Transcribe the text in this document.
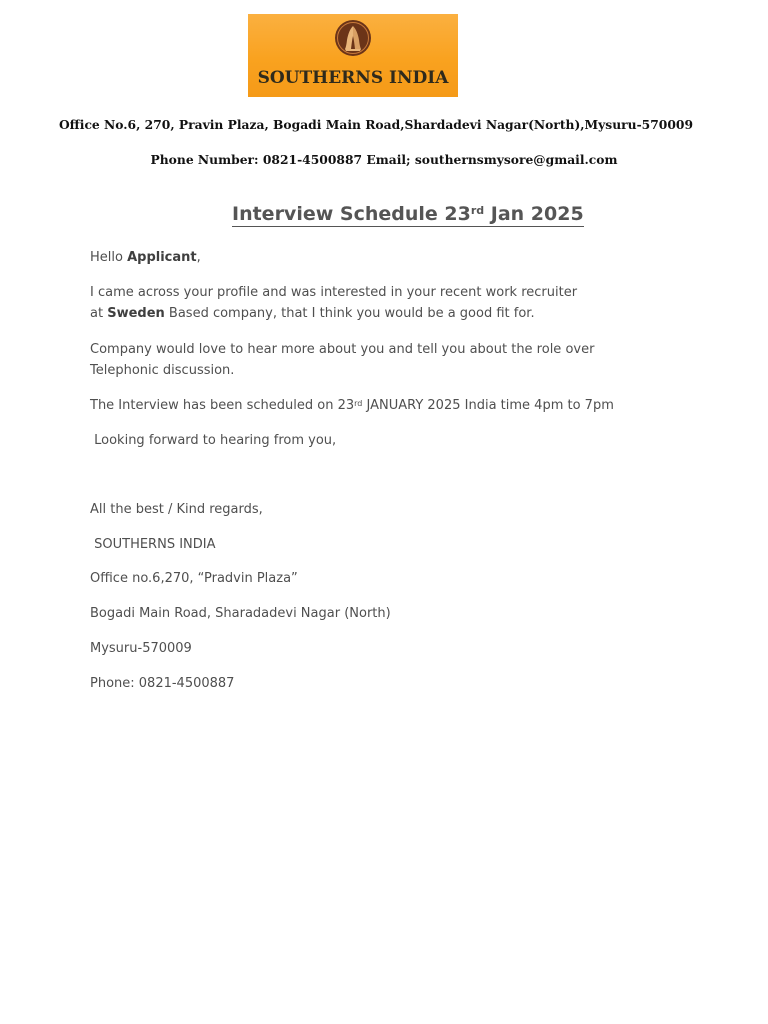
SOUTHERNS INDIA
Office No.6, 270, Pravin Plaza, Bogadi Main Road,Shardadevi Nagar(North),Mysuru-570009
Phone Number: 0821-4500887 Email; southernsmysore@gmail.com
Interview Schedule 23rd Jan 2025
Hello Applicant,
I came across your profile and was interested in your recent work recruiter
at Sweden Based company, that I think you would be a good fit for.
Company would love to hear more about you and tell you about the role over
Telephonic discussion.
The Interview has been scheduled on 23rd JANUARY 2025 India time 4pm to 7pm
Looking forward to hearing from you,
All the best / Kind regards,
SOUTHERNS INDIA
Office no.6,270, “Pradvin Plaza”
Bogadi Main Road, Sharadadevi Nagar (North)
Mysuru-570009
Phone: 0821-4500887
